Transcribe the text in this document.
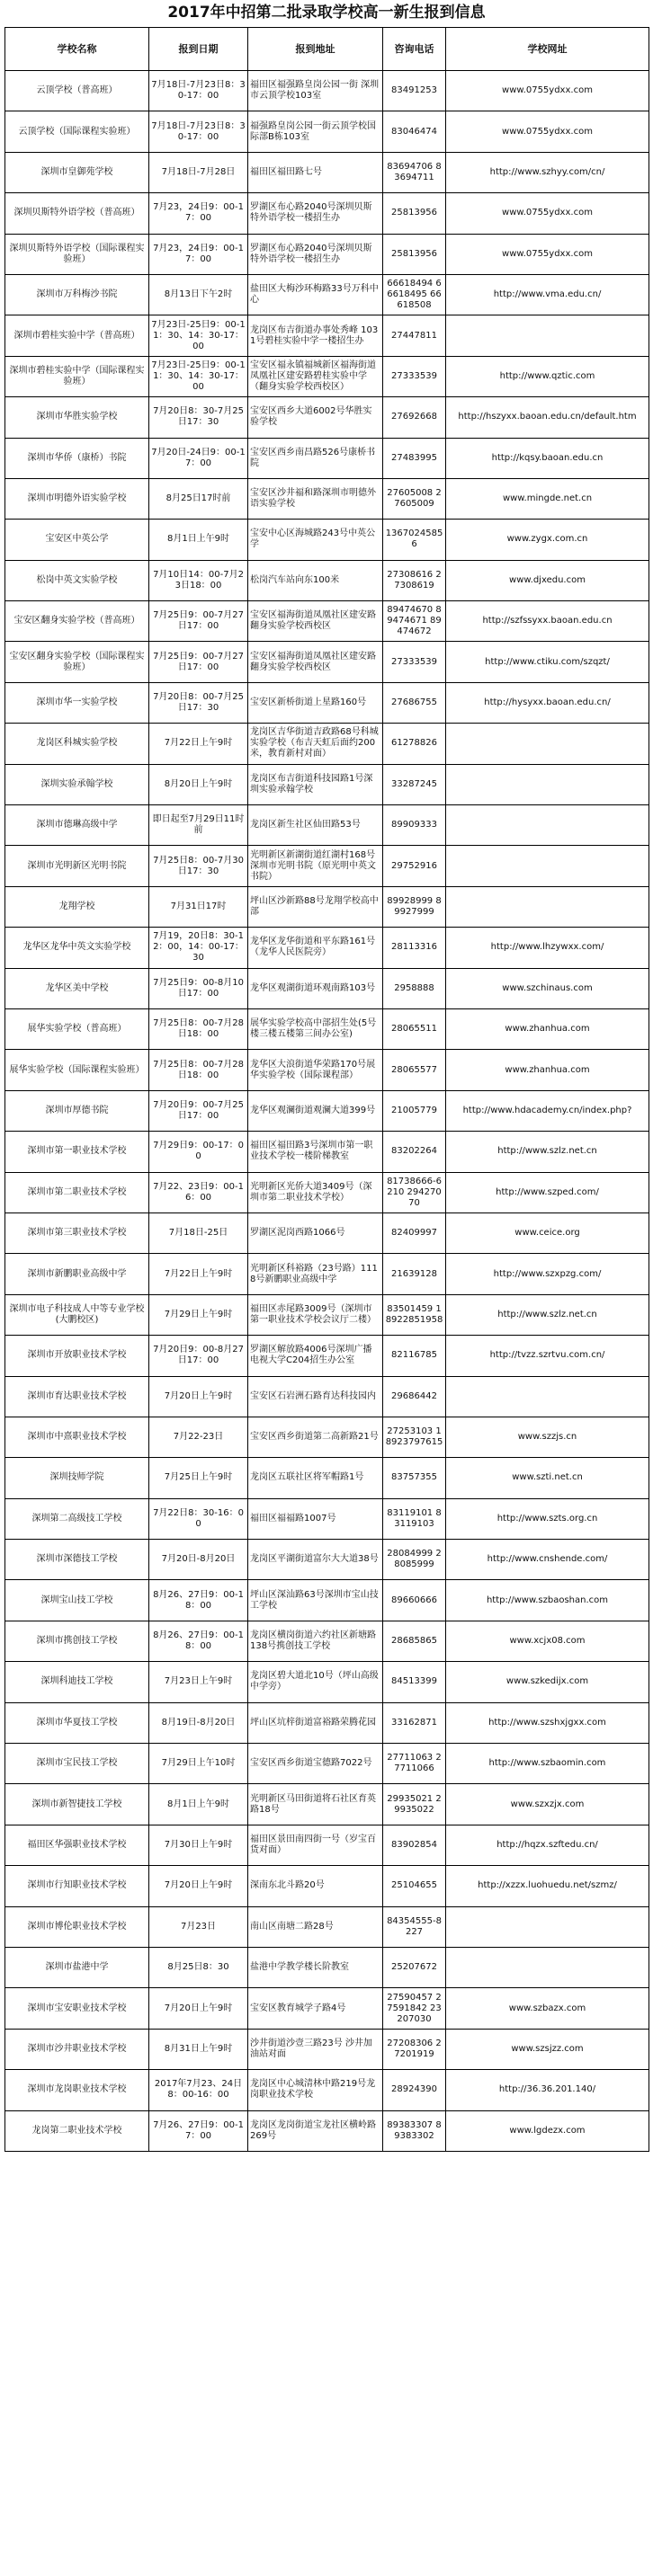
2017年中招第二批录取学校高一新生报到信息
学校名称	报到日期	报到地址	咨询电话	学校网址
云顶学校（普高班）	7月18日-7月23日8：30-17：00	福田区福强路皇岗公园一街 深圳市云顶学校103室	83491253	www.0755ydxx.com
云顶学校（国际课程实验班）	7月18日-7月23日8：30-17：00	福强路皇岗公园一街云顶学校国际部B栋103室	83046474	www.0755ydxx.com
深圳市皇御苑学校	7月18日-7月28日	福田区福田路七号	83694706 83694711	http://www.szhyy.com/cn/
深圳贝斯特外语学校（普高班）	7月23，24日9：00-17：00	罗湖区布心路2040号深圳贝斯特外语学校一楼招生办	25813956	www.0755ydxx.com
深圳贝斯特外语学校（国际课程实验班）	7月23，24日9：00-17：00	罗湖区布心路2040号深圳贝斯特外语学校一楼招生办	25813956	www.0755ydxx.com
深圳市万科梅沙书院	8月13日下午2时	盐田区大梅沙环梅路33号万科中心	66618494 66618495 66618508	http://www.vma.edu.cn/
深圳市碧桂实验中学（普高班）	7月23日-25日9：00-11：30、14：30-17：00	龙岗区布吉街道办事处秀峰 1031号碧桂实验中学一楼招生办	27447811	
深圳市碧桂实验中学（国际课程实验班）	7月23日-25日9：00-11：30、14：30-17：00	宝安区福永镇福城新区福海街道凤凰社区建安路碧桂实验中学（翻身实验学校西校区）	27333539	http://www.qztic.com
深圳市华胜实验学校	7月20日8：30-7月25日17：30	宝安区西乡大道6002号华胜实验学校	27692668	http://hszyxx.baoan.edu.cn/default.htm
深圳市华侨（康桥）书院	7月20日-24日9：00-17：00	宝安区西乡南昌路526号康桥书院	27483995	http://kqsy.baoan.edu.cn
深圳市明德外语实验学校	8月25日17时前	宝安区沙井福和路深圳市明德外语实验学校	27605008 27605009	www.mingde.net.cn
宝安区中英公学	8月1日上午9时	宝安中心区海城路243号中英公学	13670245856	www.zygx.com.cn
松岗中英文实验学校	7月10日14：00-7月23日18：00	松岗汽车站向东100米	27308616 27308619	www.djxedu.com
宝安区翻身实验学校（普高班）	7月25日9：00-7月27日17：00	宝安区福海街道凤凰社区建安路翻身实验学校西校区	89474670 89474671 89474672	http://szfssyxx.baoan.edu.cn
宝安区翻身实验学校（国际课程实验班）	7月25日9：00-7月27日17：00	宝安区福海街道凤凰社区建安路翻身实验学校西校区	27333539	http://www.ctiku.com/szqzt/
深圳市华一实验学校	7月20日8：00-7月25日17：30	宝安区新桥街道上星路160号	27686755	http://hysyxx.baoan.edu.cn/
龙岗区科城实验学校	7月22日上午9时	龙岗区吉华街道吉政路68号科城实验学校（布吉天虹后面约200米，教育新村对面）	61278826	
深圳实验承翰学校	8月20日上午9时	龙岗区布吉街道科技园路1号深圳实验承翰学校	33287245	
深圳市德琳高级中学	即日起至7月29日11时前	龙岗区新生社区仙田路53号	89909333	
深圳市光明新区光明书院	7月25日8：00-7月30日17：30	光明新区新湖街道红湖村168号深圳市光明书院（原光明中英文书院）	29752916	
龙翔学校	7月31日17时	坪山区沙新路88号龙翔学校高中部	89928999 89927999	
龙华区龙华中英文实验学校	7月19，20日8：30-12：00，14：00-17：30	龙华区龙华街道和平东路161号（龙华人民医院旁）	28113316	http://www.lhzywxx.com/
龙华区美中学校	7月25日9：00-8月10日17：00	龙华区观湖街道环观南路103号	2958888	www.szchinaus.com
展华实验学校（普高班）	7月25日8：00-7月28日18：00	展华实验学校高中部招生处(5号楼三楼五楼第三间办公室)	28065511	www.zhanhua.com
展华实验学校（国际课程实验班）	7月25日8：00-7月28日18：00	龙华区大浪街道华荣路170号展华实验学校（国际课程部）	28065577	www.zhanhua.com
深圳市厚德书院	7月20日9：00-7月25日17：00	龙华区观澜街道观澜大道399号	21005779	http://www.hdacademy.cn/index.php?
深圳市第一职业技术学校	7月29日9：00-17：00	福田区福田路3号深圳市第一职业技术学校一楼阶梯教室	83202264	http://www.szlz.net.cn
深圳市第二职业技术学校	7月22、23日9：00-16：00	光明新区光侨大道3409号（深圳市第二职业技术学校）	81738666-6210 29427070	http://www.szped.com/
深圳市第三职业技术学校	7月18日-25日	罗湖区泥岗西路1066号	82409997	www.ceice.org
深圳市新鹏职业高级中学	7月22日上午9时	光明新区科裕路（23号路）1118号新鹏职业高级中学	21639128	http://www.szxpzg.com/
深圳市电子科技成人中等专业学校(大鹏校区)	7月29日上午9时	福田区赤尾路3009号（深圳市第一职业技术学校会议厅二楼）	83501459 18922851958	http://www.szlz.net.cn
深圳市开放职业技术学校	7月20日9：00-8月27日17：00	罗湖区解放路4006号深圳广播电视大学C204招生办公室	82116785	http://tvzz.szrtvu.com.cn/
深圳市育达职业技术学校	7月20日上午9时	宝安区石岩洲石路育达科技园内	29686442	
深圳市中熹职业技术学校	7月22-23日	宝安区西乡街道第二高新路21号	27253103 18923797615	www.szzjs.cn
深圳技师学院	7月25日上午9时	龙岗区五联社区将军帽路1号	83757355	www.szti.net.cn
深圳第二高级技工学校	7月22日8：30-16：00	福田区福福路1007号	83119101 83119103	http://www.szts.org.cn
深圳市深德技工学校	7月20日-8月20日	龙岗区平湖街道富尔大大道38号	28084999 28085999	http://www.cnshende.com/
深圳宝山技工学校	8月26、27日9：00-18：00	坪山区深汕路63号深圳市宝山技工学校	89660666	http://www.szbaoshan.com
深圳市携创技工学校	8月26、27日9：00-18：00	龙岗区横岗街道六约社区新塘路138号携创技工学校	28685865	www.xcjx08.com
深圳科迪技工学校	7月23日上午9时	龙岗区碧大道北10号（坪山高级中学旁）	84513399	www.szkedijx.com
深圳市华夏技工学校	8月19日-8月20日	坪山区坑梓街道富裕路荣腾花园	33162871	http://www.szshxjgxx.com
深圳市宝民技工学校	7月29日上午10时	宝安区西乡街道宝德路7022号	27711063 27711066	http://www.szbaomin.com
深圳市新智捷技工学校	8月1日上午9时	光明新区马田街道将石社区育英路18号	29935021 29935022	www.szxzjx.com
福田区华强职业技术学校	7月30日上午9时	福田区景田南四街一号（岁宝百货对面）	83902854	http://hqzx.szftedu.cn/
深圳市行知职业技术学校	7月20日上午9时	深南东北斗路20号	25104655	http://xzzx.luohuedu.net/szmz/
深圳市博伦职业技术学校	7月23日	南山区南塘二路28号	84354555-8227	
深圳市盐港中学	8月25日8：30	盐港中学教学楼长阶教室	25207672	
深圳市宝安职业技术学校	7月20日上午9时	宝安区教育城学子路4号	27590457 27591842 23207030	www.szbazx.com
深圳市沙井职业技术学校	8月31日上午9时	沙井街道沙壹三路23号 沙井加油站对面	27208306 27201919	www.szsjzz.com
深圳市龙岗职业技术学校	2017年7月23、24日8：00-16：00	龙岗区中心城清林中路219号龙岗职业技术学校	28924390	http://36.36.201.140/
龙岗第二职业技术学校	7月26、27日9：00-17：00	龙岗区龙岗街道宝龙社区横岭路269号	89383307 89383302	www.lgdezx.com
